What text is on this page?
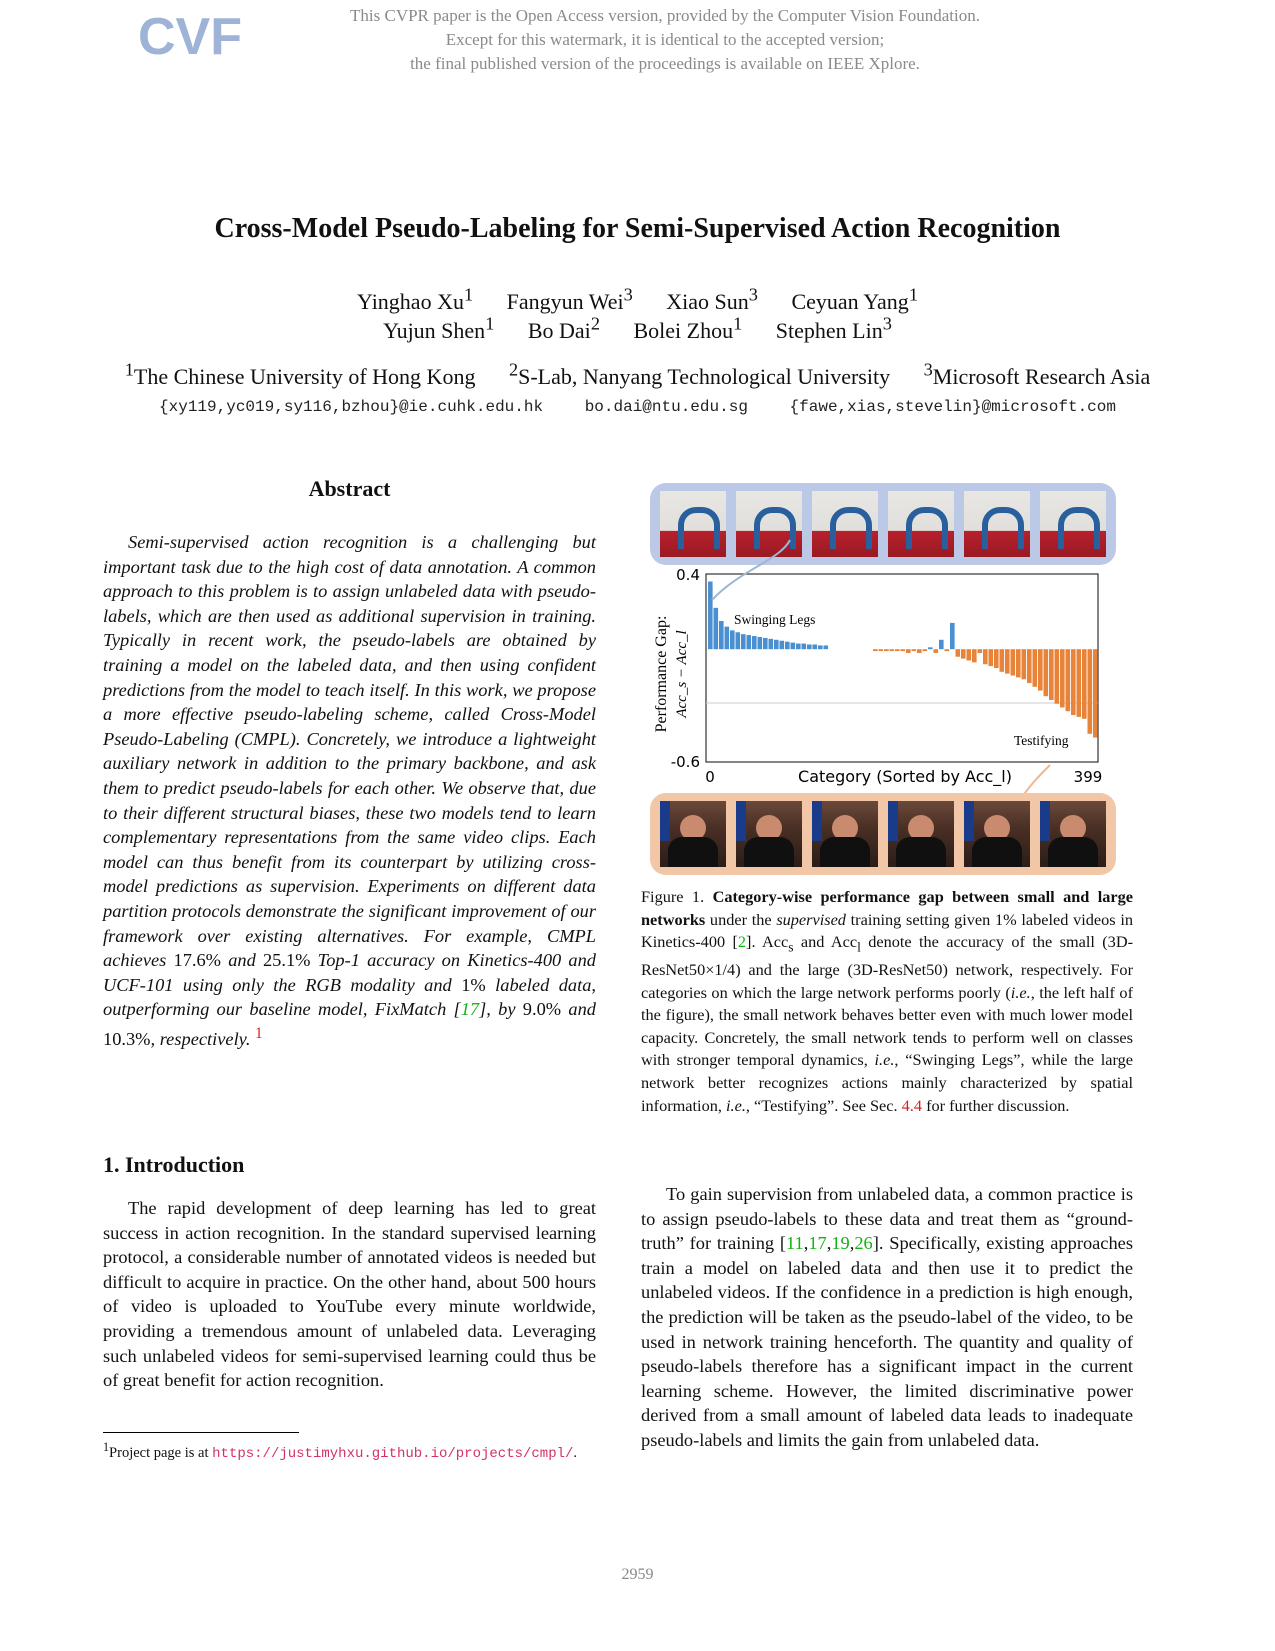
CVF	This CVPR paper is the Open Access version, provided by the Computer Vision Foundation.
Except for this watermark, it is identical to the accepted version;
the final published version of the proceedings is available on IEEE Xplore.
Cross-Model Pseudo-Labeling for Semi-Supervised Action Recognition
Yinghao Xu$^1$ Fangyun Wei$^3$ Xiao Sun$^3$ Ceyuan Yang$^1$
Yujun Shen$^1$ Bo Dai$^2$ Bolei Zhou$^1$ Stephen Lin$^3$
$^1$The Chinese University of Hong Kong $^2$S-Lab, Nanyang Technological University $^3$Microsoft Research Asia
{xy119,yc019,sy116,bzhou}@ie.cuhk.edu.hk	bo.dai@ntu.edu.sg	{fawe,xias,stevelin}@microsoft.com
Abstract
Semi-supervised action recognition is a challenging but important task due to the high cost of data annotation. A common approach to this problem is to assign unlabeled data with pseudo-labels, which are then used as additional supervision in training. Typically in recent work, the pseudo-labels are obtained by training a model on the labeled data, and then using confident predictions from the model to teach itself. In this work, we propose a more effective pseudo-labeling scheme, called Cross-Model Pseudo-Labeling (CMPL). Concretely, we introduce a lightweight auxiliary network in addition to the primary backbone, and ask them to predict pseudo-labels for each other. We observe that, due to their different structural biases, these two models tend to learn complementary representations from the same video clips. Each model can thus benefit from its counterpart by utilizing cross-model predictions as supervision. Experiments on different data partition protocols demonstrate the significant improvement of our framework over existing alternatives. For example, CMPL achieves 17.6% and 25.1% Top-1 accuracy on Kinetics-400 and UCF-101 using only the RGB modality and 1% labeled data, outperforming our baseline model, FixMatch [17], by 9.0% and 10.3%, respectively. $^1$
1. Introduction
The rapid development of deep learning has led to great success in action recognition. In the standard supervised learning protocol, a considerable number of annotated videos is needed but difficult to acquire in practice. On the other hand, about 500 hours of video is uploaded to YouTube every minute worldwide, providing a tremendous amount of unlabeled data. Leveraging such unlabeled videos for semi-supervised learning could thus be of great benefit for action recognition.
$^1$Project page is at https://justimyhxu.github.io/projects/cmpl/.
0.4
-0.6
0	399
Category (Sorted by Acc_l)
Performance Gap: Acc_s − Acc_l
Swinging Legs
Testifying
Figure 1. Category-wise performance gap between small and large networks under the supervised training setting given 1% labeled videos in Kinetics-400 [2]. Acc$_s$ and Acc$_l$ denote the accuracy of the small (3D-ResNet50×1/4) and the large (3D-ResNet50) network, respectively. For categories on which the large network performs poorly (i.e., the left half of the figure), the small network behaves better even with much lower model capacity. Concretely, the small network tends to perform well on classes with stronger temporal dynamics, i.e., “Swinging Legs”, while the large network better recognizes actions mainly characterized by spatial information, i.e., “Testifying”. See Sec. 4.4 for further discussion.
To gain supervision from unlabeled data, a common practice is to assign pseudo-labels to these data and treat them as “ground-truth” for training [11,17,19,26]. Specifically, existing approaches train a model on labeled data and then use it to predict the unlabeled videos. If the confidence in a prediction is high enough, the prediction will be taken as the pseudo-label of the video, to be used in network training henceforth. The quantity and quality of pseudo-labels therefore has a significant impact in the current learning scheme. However, the limited discriminative power derived from a small amount of labeled data leads to inadequate pseudo-labels and limits the gain from unlabeled data.
2959
